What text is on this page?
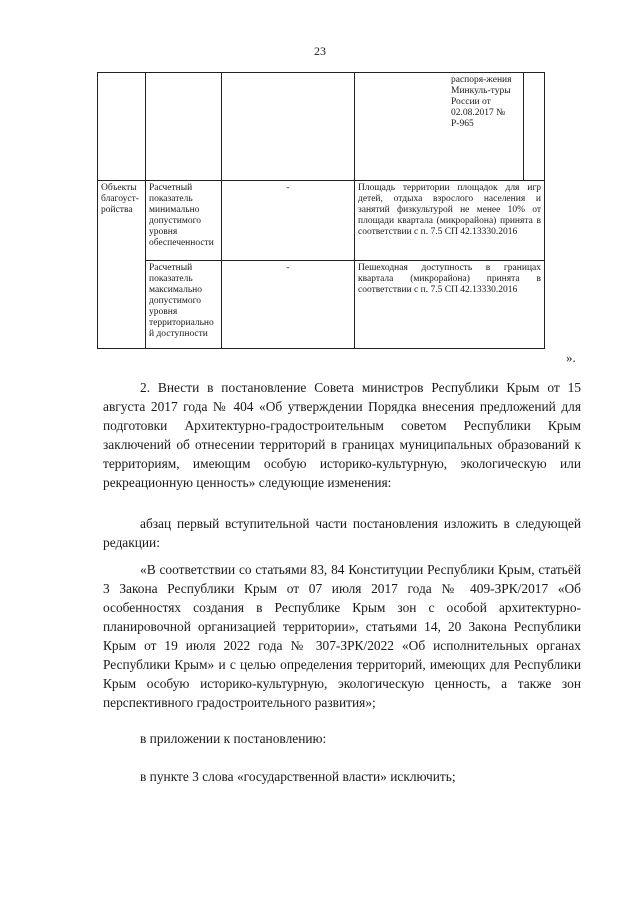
23
			распоря-жения Минкуль-туры России от 02.08.2017 № Р-965	
Объекты благоуст-ройства	Расчетный показатель минимально допустимого уровня обеспеченности	-	Площадь территории площадок для игр детей, отдыха взрослого населения и занятий физкультурой не менее 10% от площади квартала (микрорайона) принята в соответствии с п. 7.5 СП 42.13330.2016	
	Расчетный показатель максимально допустимого уровня территориальной доступности	-	Пешеходная доступность в границах квартала (микрорайона) принята в соответствии с п. 7.5 СП 42.13330.2016	
».

2. Внести в постановление Совета министров Республики Крым от 15 августа 2017 года № 404 «Об утверждении Порядка внесения предложений для подготовки Архитектурно-градостроительным советом Республики Крым заключений об отнесении территорий в границах муниципальных образований к территориям, имеющим особую историко-культурную, экологическую или рекреационную ценность» следующие изменения:

абзац первый вступительной части постановления изложить в следующей редакции:

«В соответствии со статьями 83, 84 Конституции Республики Крым, статьёй 3 Закона Республики Крым от 07 июля 2017 года № 409-ЗРК/2017 «Об особенностях создания в Республике Крым зон с особой архитектурно-планировочной организацией территории», статьями 14, 20 Закона Республики Крым от 19 июля 2022 года № 307-ЗРК/2022 «Об исполнительных органах Республики Крым» и с целью определения территорий, имеющих для Республики Крым особую историко-культурную, экологическую ценность, а также зон перспективного градостроительного развития»;

в приложении к постановлению:

в пункте 3 слова «государственной власти» исключить;
